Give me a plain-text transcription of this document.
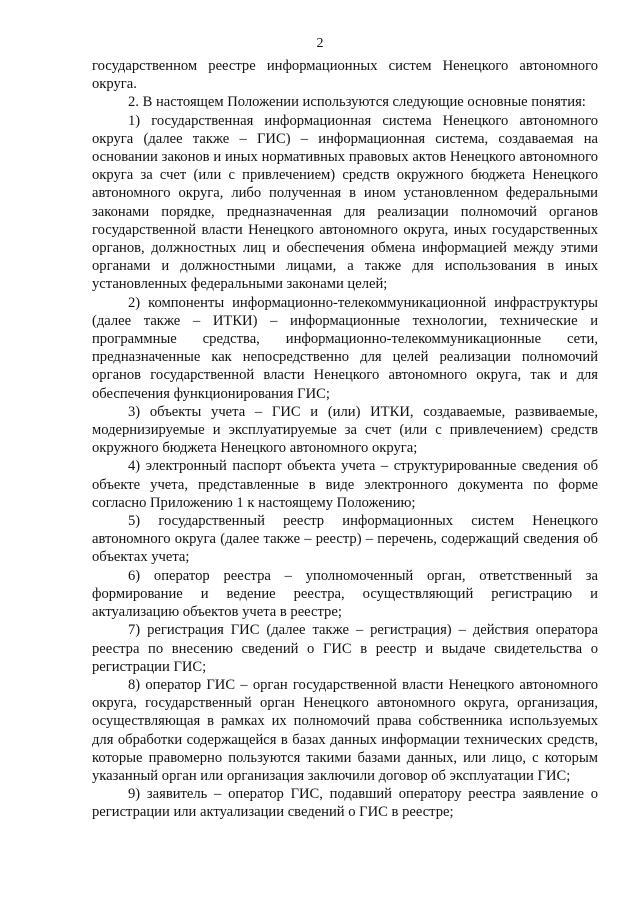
2

государственном реестре информационных систем Ненецкого автономного округа.

2. В настоящем Положении используются следующие основные понятия:

1) государственная информационная система Ненецкого автономного округа (далее также – ГИС) – информационная система, создаваемая на основании законов и иных нормативных правовых актов Ненецкого автономного округа за счет (или с привлечением) средств окружного бюджета Ненецкого автономного округа, либо полученная в ином установленном федеральными законами порядке, предназначенная для реализации полномочий органов государственной власти Ненецкого автономного округа, иных государственных органов, должностных лиц и обеспечения обмена информацией между этими органами и должностными лицами, а также для использования в иных установленных федеральными законами целей;

2) компоненты информационно-телекоммуникационной инфраструктуры (далее также – ИТКИ) – информационные технологии, технические и программные средства, информационно-телекоммуникационные сети, предназначенные как непосредственно для целей реализации полномочий органов государственной власти Ненецкого автономного округа, так и для обеспечения функционирования ГИС;

3) объекты учета – ГИС и (или) ИТКИ, создаваемые, развиваемые, модернизируемые и эксплуатируемые за счет (или с привлечением) средств окружного бюджета Ненецкого автономного округа;

4) электронный паспорт объекта учета – структурированные сведения об объекте учета, представленные в виде электронного документа по форме согласно Приложению 1 к настоящему Положению;

5) государственный реестр информационных систем Ненецкого автономного округа (далее также – реестр) – перечень, содержащий сведения об объектах учета;

6) оператор реестра – уполномоченный орган, ответственный за формирование и ведение реестра, осуществляющий регистрацию и актуализацию объектов учета в реестре;

7) регистрация ГИС (далее также – регистрация) – действия оператора реестра по внесению сведений о ГИС в реестр и выдаче свидетельства о регистрации ГИС;

8) оператор ГИС – орган государственной власти Ненецкого автономного округа, государственный орган Ненецкого автономного округа, организация, осуществляющая в рамках их полномочий права собственника используемых для обработки содержащейся в базах данных информации технических средств, которые правомерно пользуются такими базами данных, или лицо, с которым указанный орган или организация заключили договор об эксплуатации ГИС;

9) заявитель – оператор ГИС, подавший оператору реестра заявление о регистрации или актуализации сведений о ГИС в реестре;
